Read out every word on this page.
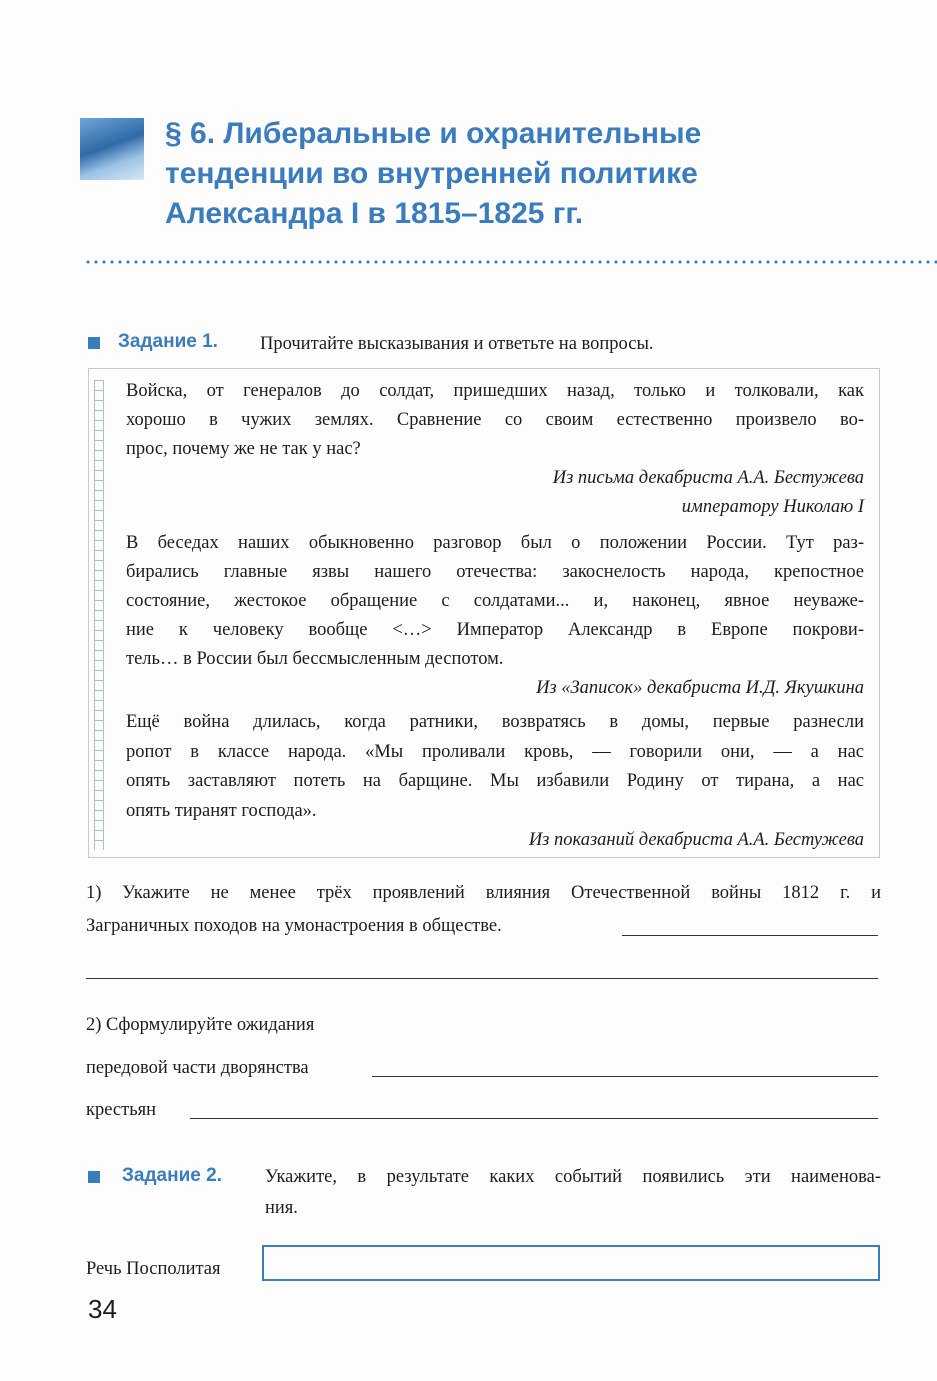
§ 6. Либеральные и охранительные
тенденции во внутренней политике
Александра I в 1815–1825 гг.
Задание 1. Прочитайте высказывания и ответьте на вопросы.
Войска, от генералов до солдат, пришедших назад, только и толковали, как
хорошо в чужих землях. Сравнение со своим естественно произвело во-
прос, почему же не так у нас?
Из письма декабриста А.А. Бестужева
императору Николаю I
В беседах наших обыкновенно разговор был о положении России. Тут раз-
бирались главные язвы нашего отечества: закоснелость народа, крепостное
состояние, жестокое обращение с солдатами... и, наконец, явное неуваже-
ние к человеку вообще <…> Император Александр в Европе покрови-
тель… в России был бессмысленным деспотом.
Из «Записок» декабриста И.Д. Якушкина
Ещё война длилась, когда ратники, возвратясь в домы, первые разнесли
ропот в классе народа. «Мы проливали кровь, — говорили они, — а нас
опять заставляют потеть на барщине. Мы избавили Родину от тирана, а нас
опять тиранят господа».
Из показаний декабриста А.А. Бестужева
1) Укажите не менее трёх проявлений влияния Отечественной войны 1812 г. и
Заграничных походов на умонастроения в обществе.
2) Сформулируйте ожидания
передовой части дворянства
крестьян
Задание 2. Укажите, в результате каких событий появились эти наименова-
ния.
Речь Посполитая
34
